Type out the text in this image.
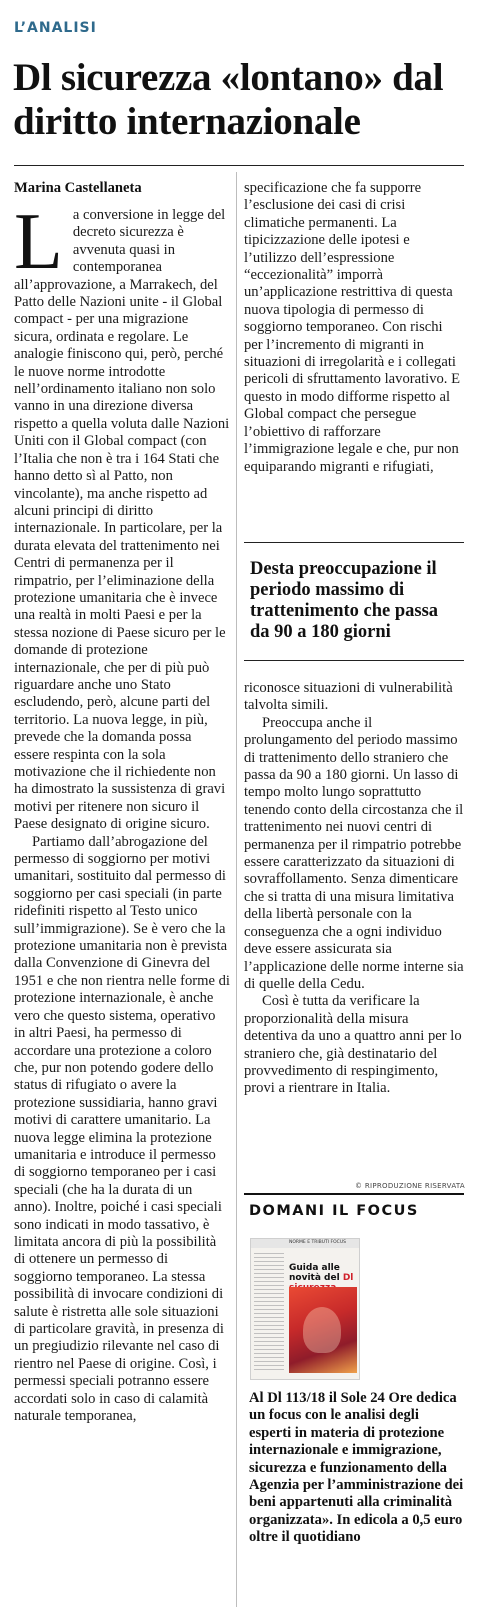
L’ANALISI
Dl sicurezza «lontano» dal diritto internazionale
Marina Castellaneta

L a conversione in legge del decreto sicurezza è avvenuta quasi in contemporanea all’approvazione, a Marrakech, del Patto delle Nazioni unite - il Global compact - per una migrazione sicura, ordinata e regolare. Le analogie finiscono qui, però, perché le nuove norme introdotte nell’ordinamento italiano non solo vanno in una direzione diversa rispetto a quella voluta dalle Nazioni Uniti con il Global compact (con l’Italia che non è tra i 164 Stati che hanno detto sì al Patto, non vincolante), ma anche rispetto ad alcuni principi di diritto internazionale. In particolare, per la durata elevata del trattenimento nei Centri di permanenza per il rimpatrio, per l’eliminazione della protezione umanitaria che è invece una realtà in molti Paesi e per la stessa nozione di Paese sicuro per le domande di protezione internazionale, che per di più può riguardare anche uno Stato escludendo, però, alcune parti del territorio. La nuova legge, in più, prevede che la domanda possa essere respinta con la sola motivazione che il richiedente non ha dimostrato la sussistenza di gravi motivi per ritenere non sicuro il Paese designato di origine sicuro.

Partiamo dall’abrogazione del permesso di soggiorno per motivi umanitari, sostituito dal permesso di soggiorno per casi speciali (in parte ridefiniti rispetto al Testo unico sull’immigrazione). Se è vero che la protezione umanitaria non è prevista dalla Convenzione di Ginevra del 1951 e che non rientra nelle forme di protezione internazionale, è anche vero che questo sistema, operativo in altri Paesi, ha permesso di accordare una protezione a coloro che, pur non potendo godere dello status di rifugiato o avere la protezione sussidiaria, hanno gravi motivi di carattere umanitario. La nuova legge elimina la protezione umanitaria e introduce il permesso di soggiorno temporaneo per i casi speciali (che ha la durata di un anno). Inoltre, poiché i casi speciali sono indicati in modo tassativo, è limitata ancora di più la possibilità di ottenere un permesso di soggiorno temporaneo. La stessa possibilità di invocare condizioni di salute è ristretta alle sole situazioni di particolare gravità, in presenza di un pregiudizio rilevante nel caso di rientro nel Paese di origine. Così, i permessi speciali potranno essere accordati solo in caso di calamità naturale temporanea,

specificazione che fa supporre l’esclusione dei casi di crisi climatiche permanenti. La tipicizzazione delle ipotesi e l’utilizzo dell’espressione “eccezionalità” imporrà un’applicazione restrittiva di questa nuova tipologia di permesso di soggiorno temporaneo. Con rischi per l’incremento di migranti in situazioni di irregolarità e i collegati pericoli di sfruttamento lavorativo. E questo in modo difforme rispetto al Global compact che persegue l’obiettivo di rafforzare l’immigrazione legale e che, pur non equiparando migranti e rifugiati,

Desta preoccupazione il periodo massimo di trattenimento che passa da 90 a 180 giorni

riconosce situazioni di vulnerabilità talvolta simili.

Preoccupa anche il prolungamento del periodo massimo di trattenimento dello straniero che passa da 90 a 180 giorni. Un lasso di tempo molto lungo soprattutto tenendo conto della circostanza che il trattenimento nei nuovi centri di permanenza per il rimpatrio potrebbe essere caratterizzato da situazioni di sovraffollamento. Senza dimenticare che si tratta di una misura limitativa della libertà personale con la conseguenza che a ogni individuo deve essere assicurata sia l’applicazione delle norme interne sia di quelle della Cedu.

Così è tutta da verificare la proporzionalità della misura detentiva da uno a quattro anni per lo straniero che, già destinatario del provvedimento di respingimento, provi a rientrare in Italia.

© RIPRODUZIONE RISERVATA
DOMANI IL FOCUS
NORME E TRIBUTI FOCUS
Guida alle novità del Dl
Al Dl 113/18 il Sole 24 Ore dedica un focus con le analisi degli esperti in materia di protezione internazionale e immigrazione, sicurezza e funzionamento della Agenzia per l’amministrazione dei beni appartenuti alla criminalità organizzata». In edicola a 0,5 euro oltre il quotidiano
